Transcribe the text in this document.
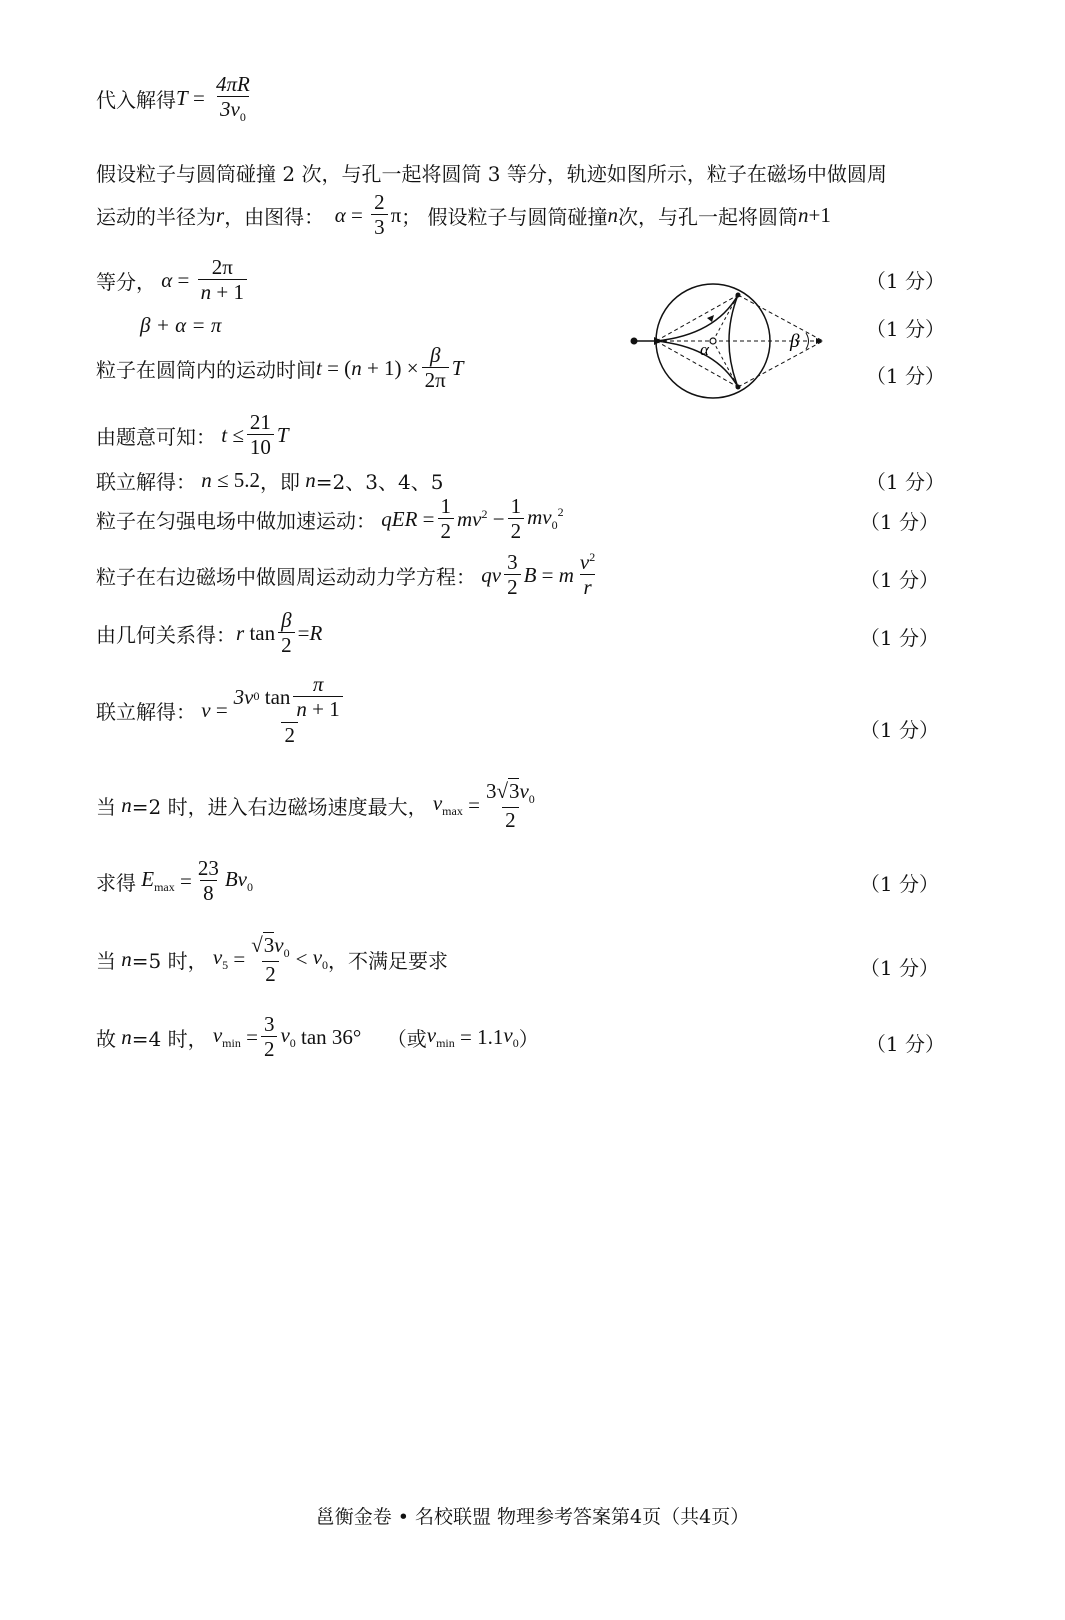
代入解得 $T = \frac{4\pi R}{3v_0}$
假设粒子与圆筒碰撞 2 次，与孔一起将圆筒 3 等分，轨迹如图所示，粒子在磁场中做圆周
运动的半径为 r ，由图得： $\alpha = \frac{2}{3}$ π ； 假设粒子与圆筒碰撞 n 次，与孔一起将圆筒 n +1
等分， $\alpha = \frac{2\pi}{n + 1}$	（1 分）
β + α = π	（1 分）
粒子在圆筒内的运动时间 t = ( $n + 1) \times \frac{\beta}{2\pi}$ T	（1 分）
由题意可知： $t \le \frac{21}{10}$ T
联立解得： n ≤ 5.2 ，即 n =2、3、4、5	（1 分）
粒子在匀强电场中做加速运动： qER = $\frac{1}{2} mv^2 - \frac{1}{2} mv_0^2$	（1 分）
粒子在右边磁场中做圆周运动动力学方程： qv $\frac{3}{2}$ B = m $\frac{v^2}{r}$	（1 分）
由几何关系得： r $\tan \frac{\beta}{2} = R$	（1 分）
联立解得： $v = \frac{3v 0 \tan \frac{\pi}{n + 1}}{2}$	（1 分）
当 n =2 时，进入右边磁场速度最大， $v_{max} = \frac{3√3v_0}{2}$
求得 $E_{max} = \frac{23}{8} Bv_0$	（1 分）
当 n =5 时， $v_5 = \frac{√3v_0}{2} < v_0$ ，不满足要求	（1 分）
故 n =4 时， $v_{min} = \frac{3}{2} v_0$ tan 36°
（或 $v_{min} = 1.1$ $v_0$ ）	（1 分）
α	β
邕衡金卷 • 名校联盟 物理参考答案第4页（共4页）
